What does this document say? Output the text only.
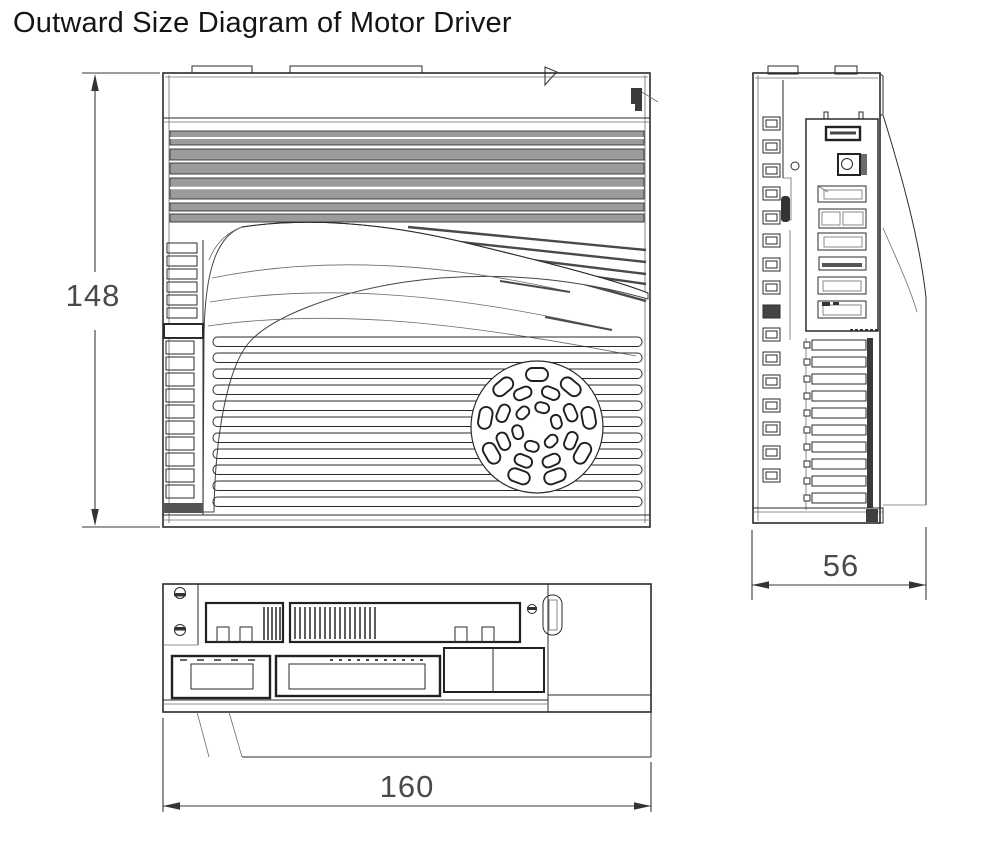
Outward Size Diagram of Motor Driver
148
56
160
